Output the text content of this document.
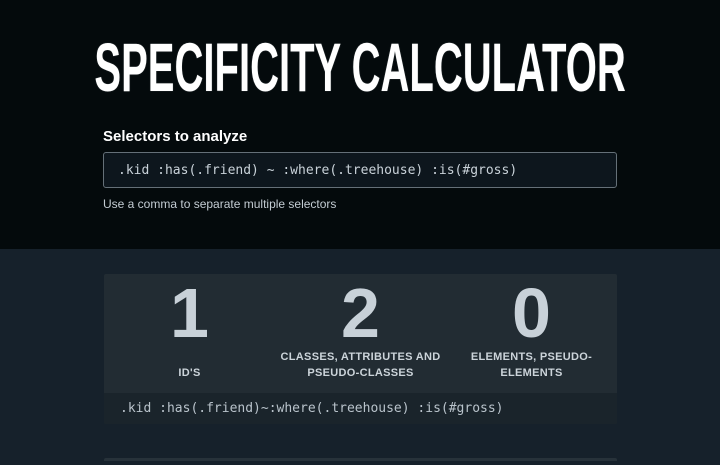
SPECIFICITY CALCULATOR
Selectors to analyze
.kid :has(.friend) ~ :where(.treehouse) :is(#gross)
Use a comma to separate multiple selectors
1
ID'S
2
CLASSES, ATTRIBUTES AND PSEUDO-CLASSES
0
ELEMENTS, PSEUDO-ELEMENTS
.kid :has(.friend)~:where(.treehouse) :is(#gross)
